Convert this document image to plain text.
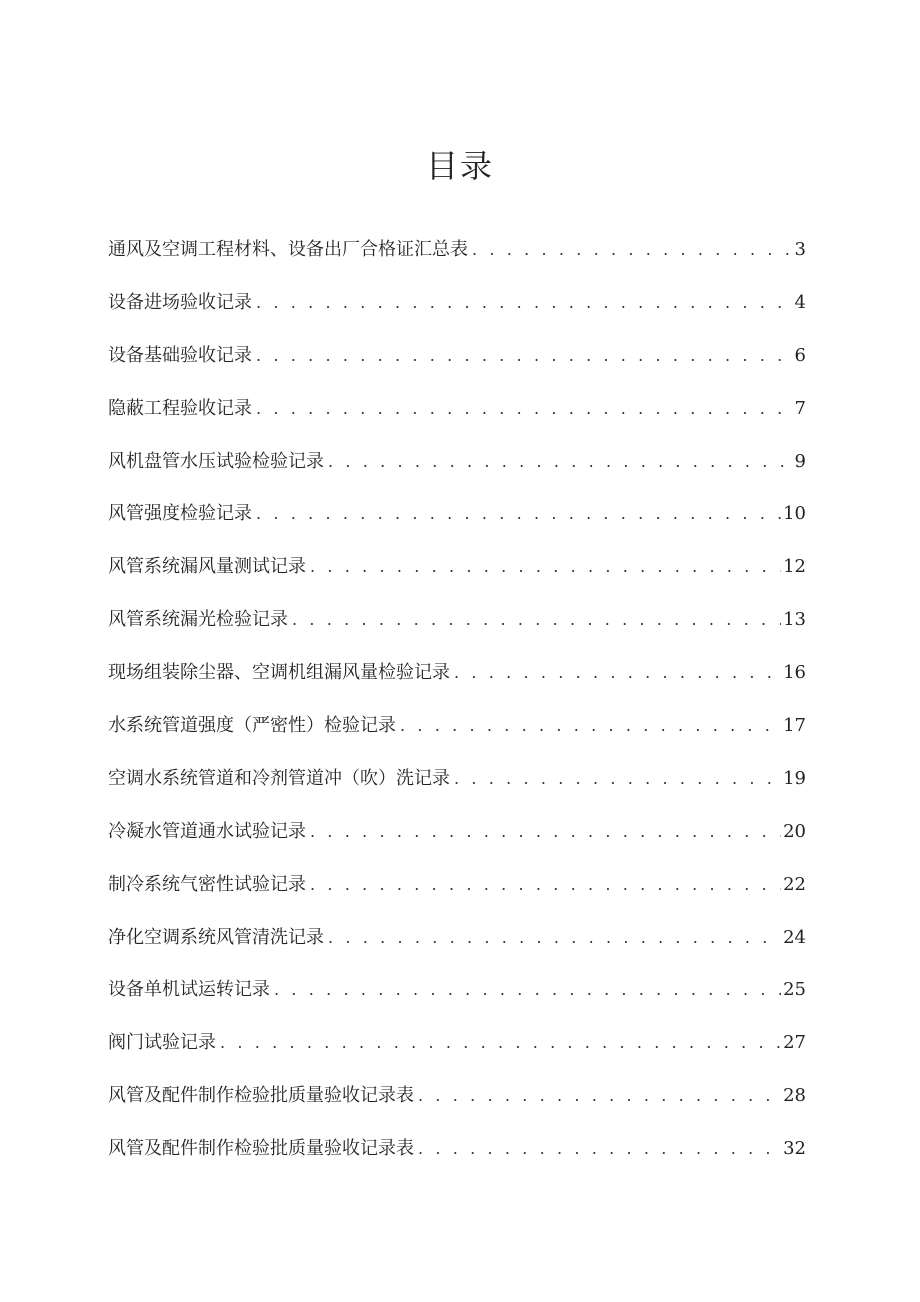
目录
通风及空调工程材料、设备出厂合格证汇总表 . . .	3
设备进场验收记录 . . .	4
设备基础验收记录 . . .	6
隐蔽工程验收记录 . . .	7
风机盘管水压试验检验记录 . . .	9
风管强度检验记录 . . .	10
风管系统漏风量测试记录 . . .	12
风管系统漏光检验记录 . . .	13
现场组装除尘器、空调机组漏风量检验记录 . . .	16
水系统管道强度（严密性）检验记录 . . .	17
空调水系统管道和冷剂管道冲（吹）洗记录 . . .	19
冷凝水管道通水试验记录 . . .	20
制冷系统气密性试验记录 . . .	22
净化空调系统风管清洗记录 . . .	24
设备单机试运转记录 . . .	25
阀门试验记录 . . .	27
风管及配件制作检验批质量验收记录表 . . .	28
风管及配件制作检验批质量验收记录表 . . .	32
